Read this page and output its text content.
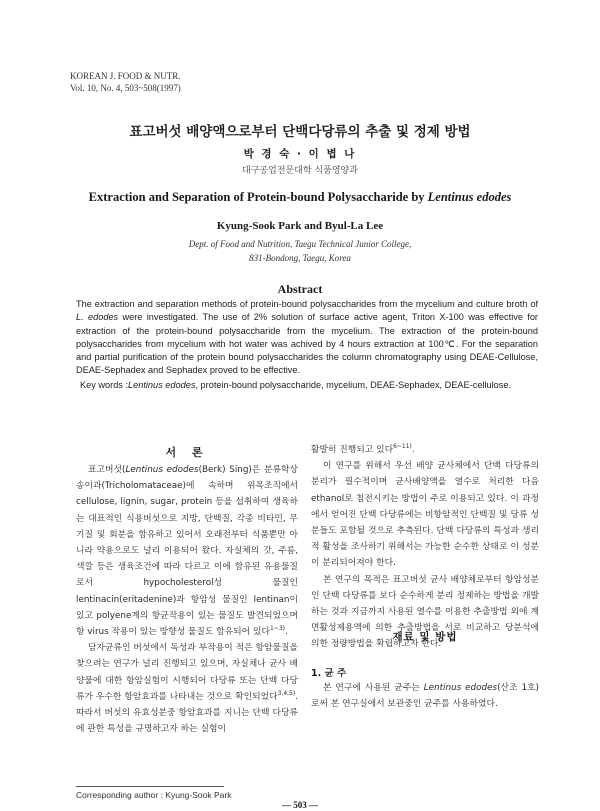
KOREAN J. FOOD & NUTR.
Vol. 10, No. 4, 503~508(1997)
표고버섯 배양액으로부터 단백다당류의 추출 및 정제 방법
박 경 숙 · 이 볍 나
대구공업전문대학 식품영양과
Extraction and Separation of Protein-bound Polysaccharide by Lentinus edodes
Kyung-Sook Park and Byul-La Lee
Dept. of Food and Nutrition, Taegu Technical Junior College,
831-Bondong, Taegu, Korea
Abstract
The extraction and separation methods of protein-bound polysaccharides from the mycelium and culture broth of L. edodes were investigated. The use of 2% solution of surface active agent, Triton X-100 was effective for extraction of the protein-bound polysaccharide from the mycelium. The extraction of the protein-bound polysaccharides from mycelium with hot water was achived by 4 hours extraction at 100℃. For the separation and partial purification of the protein bound polysaccharides the column chromatography using DEAE-Cellulose, DEAE-Sephadex and Sephadex proved to be effective.
Key words :Lentinus edodes, protein-bound polysaccharide, mycelium, DEAE-Sephadex, DEAE-cellulose.
서 론

표고버섯(Lentinus edodes(Berk) Sing)은 분류학상 송이과(Tricholomataceae)에 속하며 위목조직에서 cellulose, lignin, sugar, protein 등을 섭취하여 생육하는 대표적인 식용버섯으로 지방, 단백질, 각종 비타민, 무기질 및 회분을 함유하고 있어서 오래전부터 식품뿐만 아니라 약용으로도 널리 이용되어 왔다. 자실체의 갓, 주름, 색깔 등은 생육조건에 따라 다르고 이에 함유된 유용물질로서 hypocholesterol성 물질인 lentinacin(eritadenine)과 항암성 물질인 lentinan이 있고 polyene계의 항균작용이 있는 물질도 발견되었으며 항 virus 작용이 있는 방향성 물질도 함유되어 있다$^{1\sim 3)}$.

담자균류인 버섯에서 독성과 부작용이 적은 항암물질을 찾으려는 연구가 널리 진행되고 있으며, 자실체나 균사 배양물에 대한 항암실험이 시행되어 다당류 또는 단백 다당류가 우수한 항암효과를 나타내는 것으로 확인되었다$^{3,4,5)}$. 따라서 버섯의 유효성분중 항암효과를 지니는 단백 다당류에 관한 특성을 규명하고자 하는 실험이

활발히 진행되고 있다$^{6\sim 11)}$.

이 연구를 위해서 우선 배양 균사체에서 단백 다당류의 분리가 필수적이며 균사배양액을 열수로 처리한 다음 ethanol로 침전시키는 방법이 주로 이용되고 있다. 이 과정에서 얻어진 단백 다당류에는 비항암적인 단백질 및 당류 성분들도 포함될 것으로 추측된다. 단백 다당류의 특성과 생리적 활성을 조사하기 위해서는 가능한 순수한 상태로 이 성분이 분리되어져야 한다.

본 연구의 목적은 표고버섯 균사 배양체로부터 항암성분인 단백 다당류를 보다 순수하게 분리 정제하는 방법을 개발하는 것과 지금까지 사용된 열수를 이용한 추출방법 외에 계면활성제용액에 의한 추출방법을 서로 비교하고 당분석에 의한 정량방법을 확립하고자 한다.

재료 및 방법
1. 균 주

본 연구에 사용된 균주는 Lentinus edodes(산조 1호)로써 본 연구실에서 보관중인 균주를 사용하였다.

Corresponding author : Kyung-Sook Park
— 503 —
